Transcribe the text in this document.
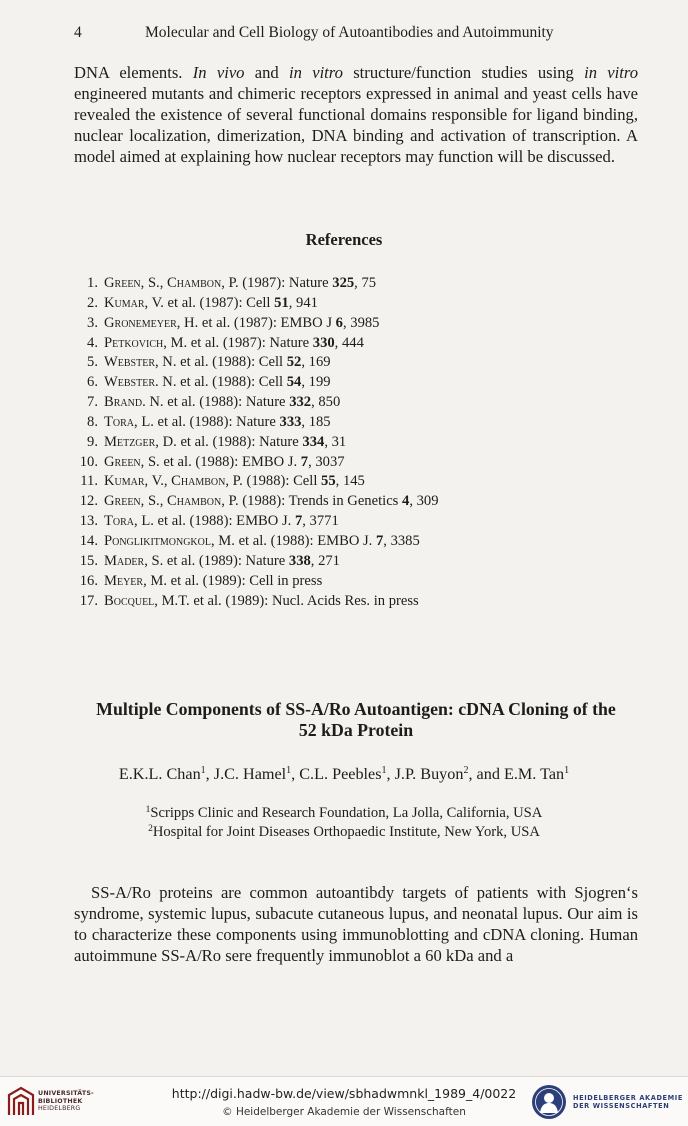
4	Molecular and Cell Biology of Autoantibodies and Autoimmunity

DNA elements. In vivo and in vitro structure/function studies using in vitro engineered mutants and chimeric receptors expressed in animal and yeast cells have revealed the existence of several functional domains responsible for ligand binding, nuclear localization, dimerization, DNA binding and activation of transcription. A model aimed at explaining how nuclear receptors may function will be discussed.

References
1. Green, S., Chambon, P. (1987): Nature 325, 75
2. Kumar, V. et al. (1987): Cell 51, 941
3. Gronemeyer, H. et al. (1987): EMBO J 6, 3985
4. Petkovich, M. et al. (1987): Nature 330, 444
5. Webster, N. et al. (1988): Cell 52, 169
6. Webster. N. et al. (1988): Cell 54, 199
7. Brand. N. et al. (1988): Nature 332, 850
8. Tora, L. et al. (1988): Nature 333, 185
9. Metzger, D. et al. (1988): Nature 334, 31
10. Green, S. et al. (1988): EMBO J. 7, 3037
11. Kumar, V., Chambon, P. (1988): Cell 55, 145
12. Green, S., Chambon, P. (1988): Trends in Genetics 4, 309
13. Tora, L. et al. (1988): EMBO J. 7, 3771
14. Ponglikitmongkol, M. et al. (1988): EMBO J. 7, 3385
15. Mader, S. et al. (1989): Nature 338, 271
16. Meyer, M. et al. (1989): Cell in press
17. Bocquel, M.T. et al. (1989): Nucl. Acids Res. in press
Multiple Components of SS-A/Ro Autoantigen: cDNA Cloning of the
52 kDa Protein
E.K.L. Chan$^1$, J.C. Hamel$^1$, C.L. Peebles$^1$, J.P. Buyon$^2$, and E.M. Tan$^1$
$^1$Scripps Clinic and Research Foundation, La Jolla, California, USA
$^2$Hospital for Joint Diseases Orthopaedic Institute, New York, USA

SS-A/Ro proteins are common autoantibdy targets of patients with Sjogren‘s syndrome, systemic lupus, subacute cutaneous lupus, and neonatal lupus. Our aim is to characterize these components using immunoblotting and cDNA cloning. Human autoimmune SS-A/Ro sere frequently immunoblot a 60 kDa and a

UNIVERSITÄTS-
BIBLIOTHEK
HEIDELBERG
http://digi.hadw-bw.de/view/sbhadwmnkl_1989_4/0022
© Heidelberger Akademie der Wissenschaften
HEIDELBERGER AKADEMIE
DER WISSENSCHAFTEN
